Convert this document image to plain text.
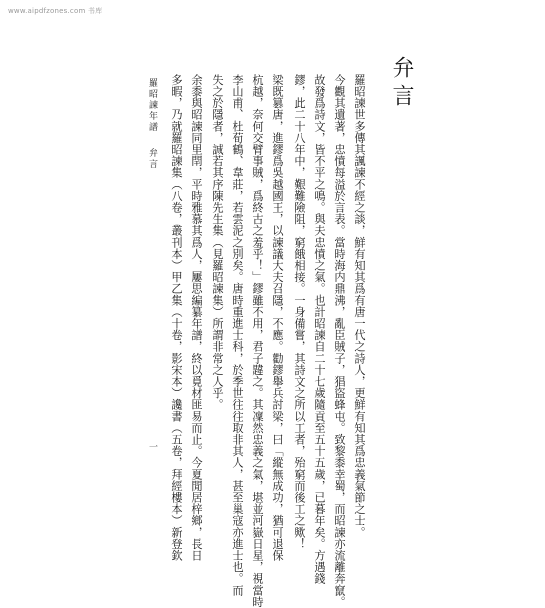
www.aipdfzones.com 书库
弁言
羅昭諫世多傳其諷諫不經之談，鮮有知其爲有唐一代之詩人，更鮮有知其爲忠義氣節之士。
今觀其遺著，忠憤每溢於言表。當時海内鼎沸，亂臣賊子，猖盜蜂屯。致黎黍幸蜀，而昭諫亦流離奔竄。
故發爲詩文，皆不平之鳴。與夫忠憤之氣。也計昭諫自二十七歲隨貢至五十五歲，已暮年矣。方遇錢
鏐，此二十八年中，艱難險阻，窮餓相接。一身備嘗，其詩文之所以工者，殆窮而後工之歟！
梁既篡唐，進鏐爲吳越國王，以諫議大夫召隱，不應。勸鏐舉兵討梁，曰「縱無成功，猶可退保
杭越，奈何交臂事賊，爲終古之羞乎！」鏐雖不用，君子韙之。其凜然忠義之氣，堪並河嶽日星，視當時
李山甫、杜荀鶴、韋莊，若雲泥之別矣。唐時重進士科，於季世往往取非其人，甚至巢寇亦進士也。而
失之於隱者，誠若其序陳先生集（見羅昭諫集）所謂非常之人乎。
余黍與昭諫同里閈，平時雅慕其爲人，屢思編纂年譜，終以覓材匪易而止。今夏閒居梓鄉，長日
多暇，乃就羅昭諫集（八卷，叢刊本）甲乙集（十卷，影宋本）讒書（五卷，拜經樓本）新登欽
羅昭諫年譜
弁言
一
